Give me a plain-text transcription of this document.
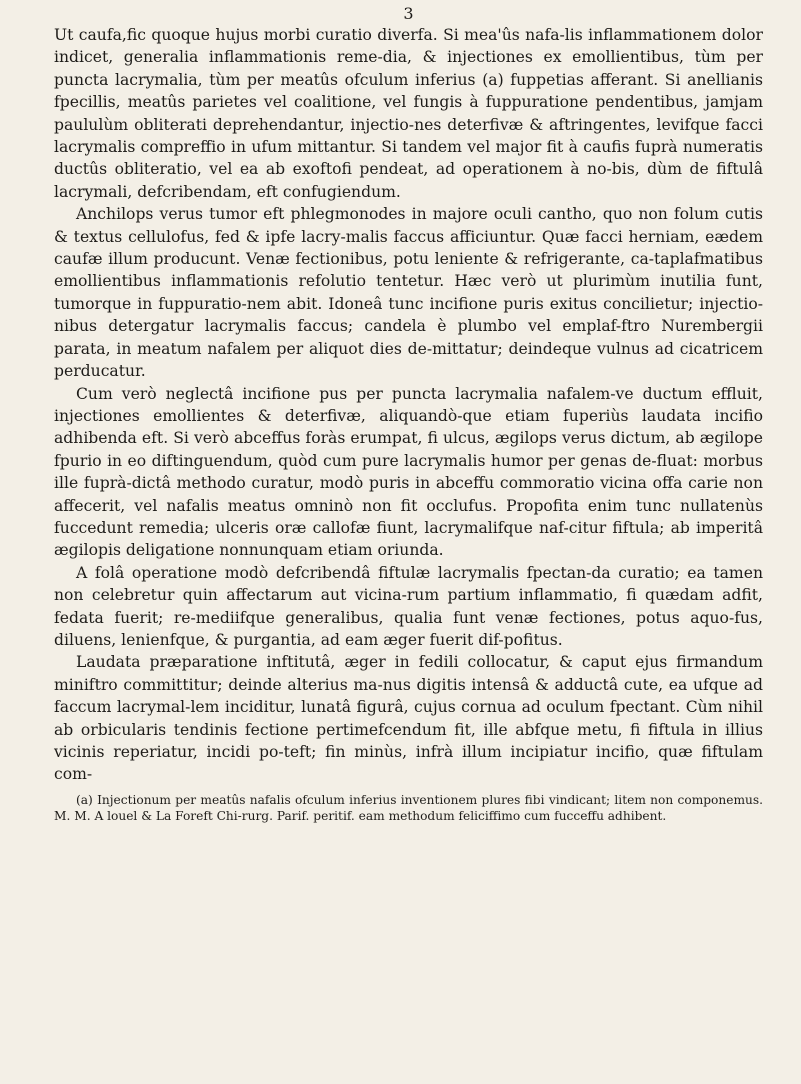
3

Ut caufa,fic quoque hujus morbi curatio diverfa. Si mea'ûs nafa-lis inflammationem dolor indicet, generalia inflammationis reme-dia, & injectiones ex emollientibus, tùm per puncta lacrymalia, tùm per meatûs ofculum inferius (a) fuppetias afferant. Si anellianis fpecillis, meatûs parietes vel coalitione, vel fungis à fuppuratione pendentibus, jamjam paululùm obliterati deprehendantur, injectio-nes deterfivæ & aftringentes, levifque facci lacrymalis compreffio in ufum mittantur. Si tandem vel major fit à caufis fuprà numeratis ductûs obliteratio, vel ea ab exoftofi pendeat, ad operationem à no-bis, dùm de fiftulâ lacrymali, defcribendam, eft confugiendum.

Anchilops verus tumor eft phlegmonodes in majore oculi cantho, quo non folum cutis & textus cellulofus, fed & ipfe lacry-malis faccus afficiuntur. Quæ facci herniam, eædem caufæ illum producunt. Venæ fectionibus, potu leniente & refrigerante, ca-taplafmatibus emollientibus inflammationis refolutio tentetur. Hæc verò ut plurimùm inutilia funt, tumorque in fuppuratio-nem abit. Idoneâ tunc incifione puris exitus concilietur; injectio-nibus detergatur lacrymalis faccus; candela è plumbo vel emplaf-ftro Nurembergii parata, in meatum nafalem per aliquot dies de-mittatur; deindeque vulnus ad cicatricem perducatur.

Cum verò neglectâ incifione pus per puncta lacrymalia nafalem-ve ductum effluit, injectiones emollientes & deterfivæ, aliquandò-que etiam fuperiùs laudata incifio adhibenda eft. Si verò abceffus foràs erumpat, fi ulcus, ægilops verus dictum, ab ægilope fpurio in eo diftinguendum, quòd cum pure lacrymalis humor per genas de-fluat: morbus ille fuprà-dictâ methodo curatur, modò puris in abceffu commoratio vicina offa carie non affecerit, vel nafalis meatus omninò non fit occlufus. Propofita enim tunc nullatenùs fuccedunt remedia; ulceris oræ callofæ fiunt, lacrymalifque naf-citur fiftula; ab imperitâ ægilopis deligatione nonnunquam etiam oriunda.

A folâ operatione modò defcribendâ fiftulæ lacrymalis fpectan-da curatio; ea tamen non celebretur quin affectarum aut vicina-rum partium inflammatio, fi quædam adfit, fedata fuerit; re-mediifque generalibus, qualia funt venæ fectiones, potus aquo-fus, diluens, lenienfque, & purgantia, ad eam æger fuerit dif-pofitus.

Laudata præparatione inftitutâ, æger in fedili collocatur, & caput ejus firmandum miniftro committitur; deinde alterius ma-nus digitis intensâ & adductâ cute, ea ufque ad faccum lacrymal-lem inciditur, lunatâ figurâ, cujus cornua ad oculum fpectant. Cùm nihil ab orbicularis tendinis fectione pertimefcendum fit, ille abfque metu, fi fiftula in illius vicinis reperiatur, incidi po-teft; fin minùs, infrà illum incipiatur incifio, quæ fiftulam com-

(a) Injectionum per meatûs nafalis ofculum inferius inventionem plures fibi vindicant; litem non componemus. M. M. A louel & La Foreft Chi-rurg. Parif. peritif. eam methodum feliciffimo cum fucceffu adhibent.
